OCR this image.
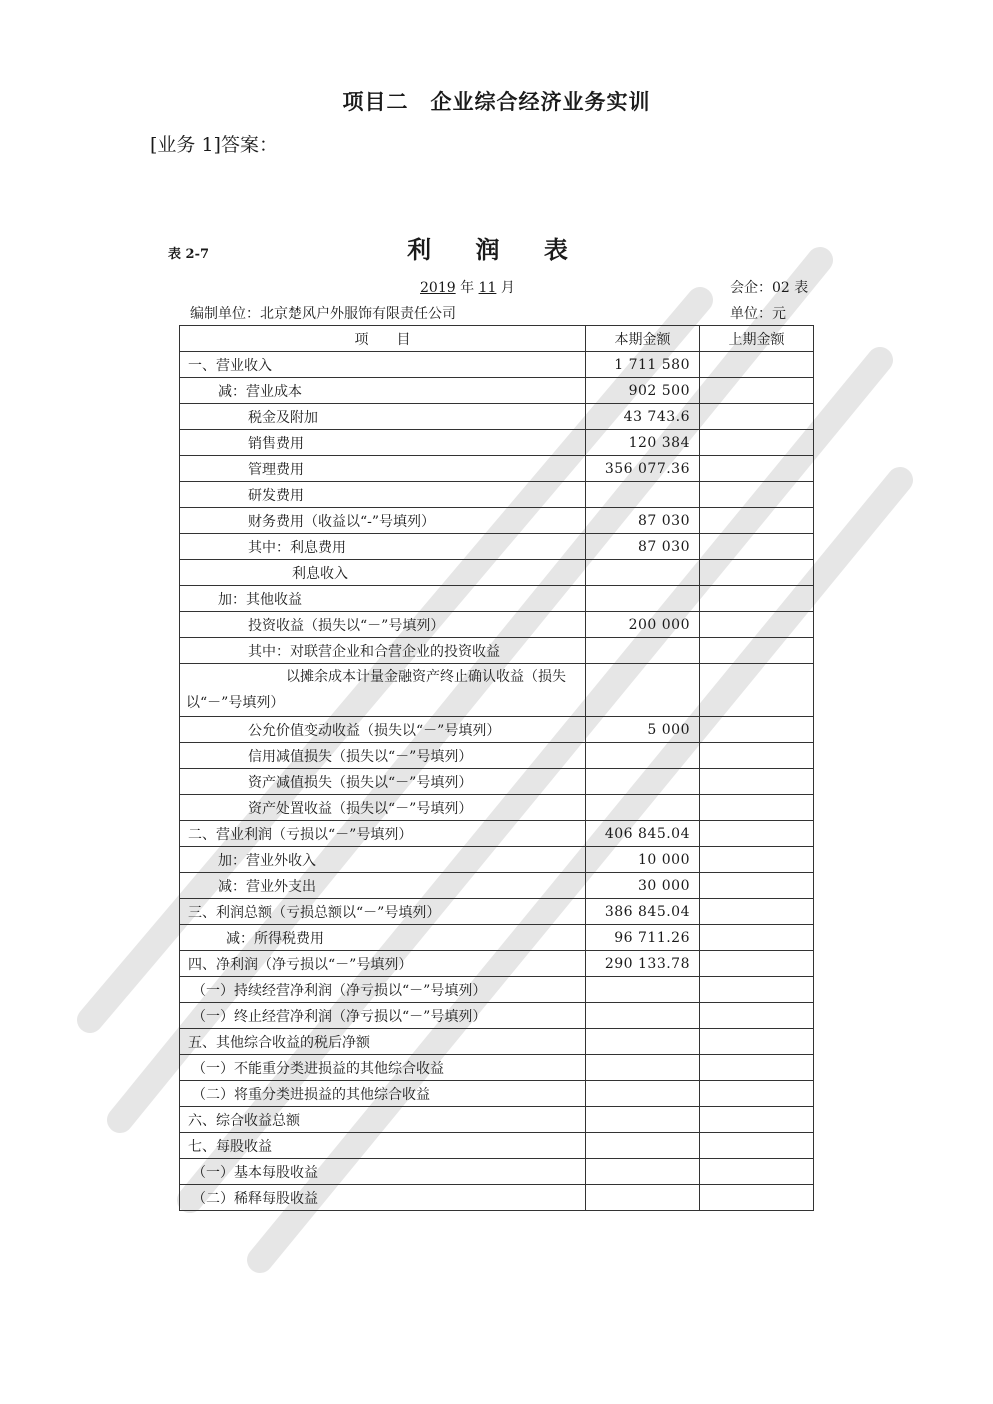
项目二　企业综合经济业务实训
[业务 1]答案：
表 2-7	利 润 表
2019 年 11 月	会企：02 表
编制单位：北京楚风户外服饰有限责任公司	单位：元
项　　目	本期金额	上期金额
一、营业收入	1 711 580	
减：营业成本	902 500	
税金及附加	43 743.6	
销售费用	120 384	
管理费用	356 077.36	
研发费用		
财务费用（收益以“-”号填列）	87 030	
其中：利息费用	87 030	
利息收入		
加：其他收益		
投资收益（损失以“－”号填列）	200 000	
其中：对联营企业和合营企业的投资收益		
以摊余成本计量金融资产终止确认收益（损失以“－”号填列）		
公允价值变动收益（损失以“－”号填列）	5 000	
信用减值损失（损失以“－”号填列）		
资产减值损失（损失以“－”号填列）		
资产处置收益（损失以“－”号填列）		
二、营业利润（亏损以“－”号填列）	406 845.04	
加：营业外收入	10 000	
减：营业外支出	30 000	
三、利润总额（亏损总额以“－”号填列）	386 845.04	
减：所得税费用	96 711.26	
四、净利润（净亏损以“－”号填列）	290 133.78	
（一）持续经营净利润（净亏损以“－”号填列）		
（一）终止经营净利润（净亏损以“－”号填列）		
五、其他综合收益的税后净额		
（一）不能重分类进损益的其他综合收益		
（二）将重分类进损益的其他综合收益		
六、综合收益总额		
七、每股收益		
（一）基本每股收益		
（二）稀释每股收益		
